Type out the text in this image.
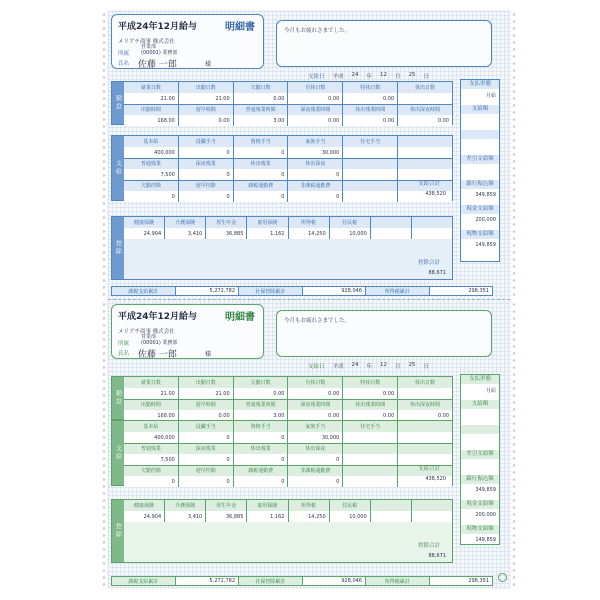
平成24年12月給与	明細書
メリアチ商事 株式会社
営業部
所属 (00001) 業務部
氏名 佐藤 一郎	様
今月もお疲れさまでした。
支給日 平成 24 年 12 月 25 日
勤怠
就業日数	出勤日数	欠勤日数	有休日数	特休日数	休出日数
21.00	21.00	0.00	0.00	0.00
出勤時間	遅早時間	普通残業時間	深夜残業時間	休出残業時間	休出深夜時間
168.00	0.00	3.00	0.00	0.00	0.00
支給
基本給	役職手当	資格手当	家族手当	住宅手当
400,000	0	0	30,000
普通残業	深夜残業	休出残業	休出深夜
7,500	0	0	0
欠勤控除	遅早控除	課税通勤費	非課税通勤費
0	0	0	0
支給合計
438,520
控除
健康保険	介護保険	厚生年金	雇用保険	所得税	住民税
24,904	3,410	36,885	1,162	14,250	10,000
控除合計
88,671
支払形態
月給
支給額
差引支給額
銀行振込額
349,859
現金支給額
200,000
現物支給額
149,859
課税支給累計	5,272,782	社保控除累計	928,046	所得税累計	298,351
平成24年12月給与	明細書
メリアチ商事 株式会社
営業部
所属 (00001) 業務部
氏名 佐藤 一郎	様
今月もお疲れさまでした。
支給日 平成 24 年 12 月 25 日
勤怠
就業日数	出勤日数	欠勤日数	有休日数	特休日数	休出日数
21.00	21.00	0.00	0.00	0.00
出勤時間	遅早時間	普通残業時間	深夜残業時間	休出残業時間	休出深夜時間
168.00	0.00	3.00	0.00	0.00	0.00
支給
基本給	役職手当	資格手当	家族手当	住宅手当
400,000	0	0	30,000
普通残業	深夜残業	休出残業	休出深夜
7,500	0	0	0
欠勤控除	遅早控除	課税通勤費	非課税通勤費
0	0	0	0
支給合計
438,520
控除
健康保険	介護保険	厚生年金	雇用保険	所得税	住民税
24,904	3,410	36,885	1,162	14,250	10,000
控除合計
88,671
支払形態
月給
支給額
差引支給額
銀行振込額
349,859
現金支給額
200,000
現物支給額
149,859
課税支給累計	5,272,782	社保控除累計	928,046	所得税累計	298,351
